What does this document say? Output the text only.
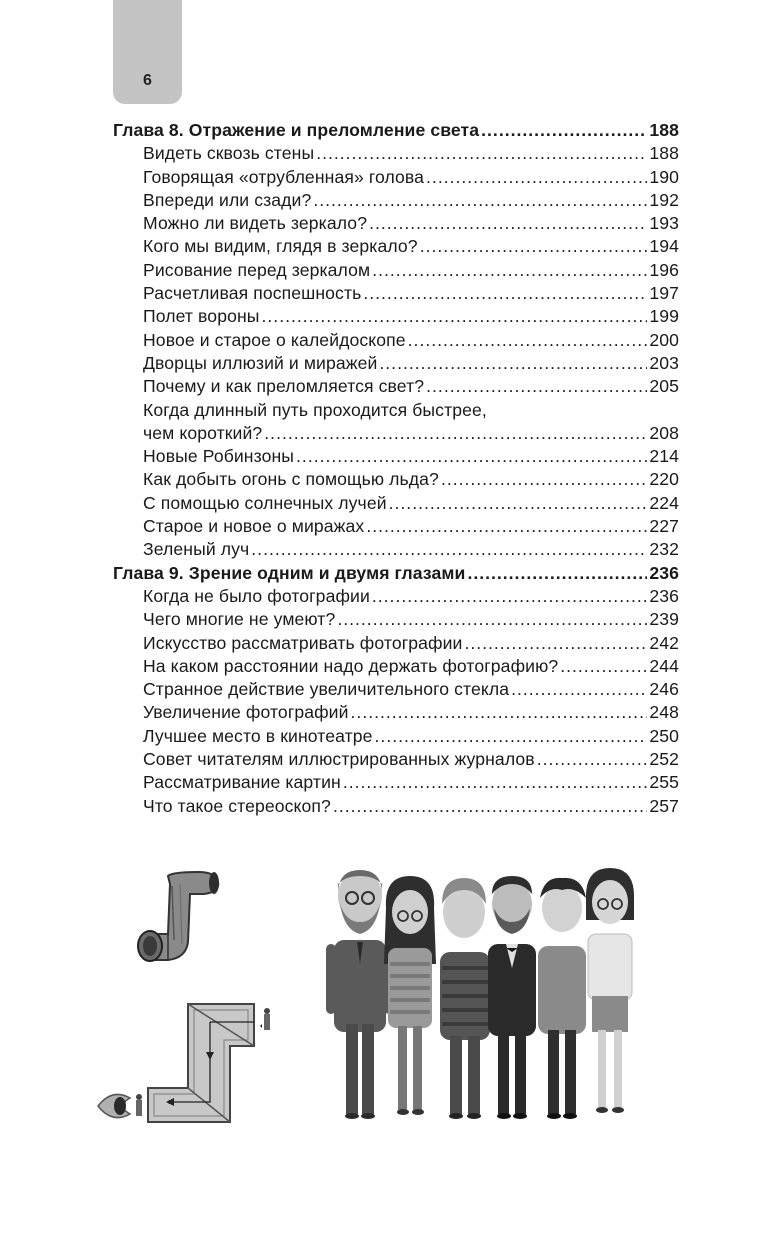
6
Глава 8. Отражение и преломление света .....	188
Видеть сквозь стены .....	188
Говорящая «отрубленная» голова .....	190
Впереди или сзади? .....	192
Можно ли видеть зеркало? .....	193
Кого мы видим, глядя в зеркало? .....	194
Рисование перед зеркалом .....	196
Расчетливая поспешность .....	197
Полет вороны .....	199
Новое и старое о калейдоскопе .....	200
Дворцы иллюзий и миражей .....	203
Почему и как преломляется свет? .....	205
Когда длинный путь проходится быстрее,
чем короткий? .....	208
Новые Робинзоны .....	214
Как добыть огонь с помощью льда? .....	220
С помощью солнечных лучей .....	224
Старое и новое о миражах .....	227
Зеленый луч .....	232
Глава 9. Зрение одним и двумя глазами .....	236
Когда не было фотографии .....	236
Чего многие не умеют? .....	239
Искусство рассматривать фотографии .....	242
На каком расстоянии надо держать фотографию? .....	244
Странное действие увеличительного стекла .....	246
Увеличение фотографий .....	248
Лучшее место в кинотеатре .....	250
Совет читателям иллюстрированных журналов .....	252
Рассматривание картин .....	255
Что такое стереоскоп? .....	257
